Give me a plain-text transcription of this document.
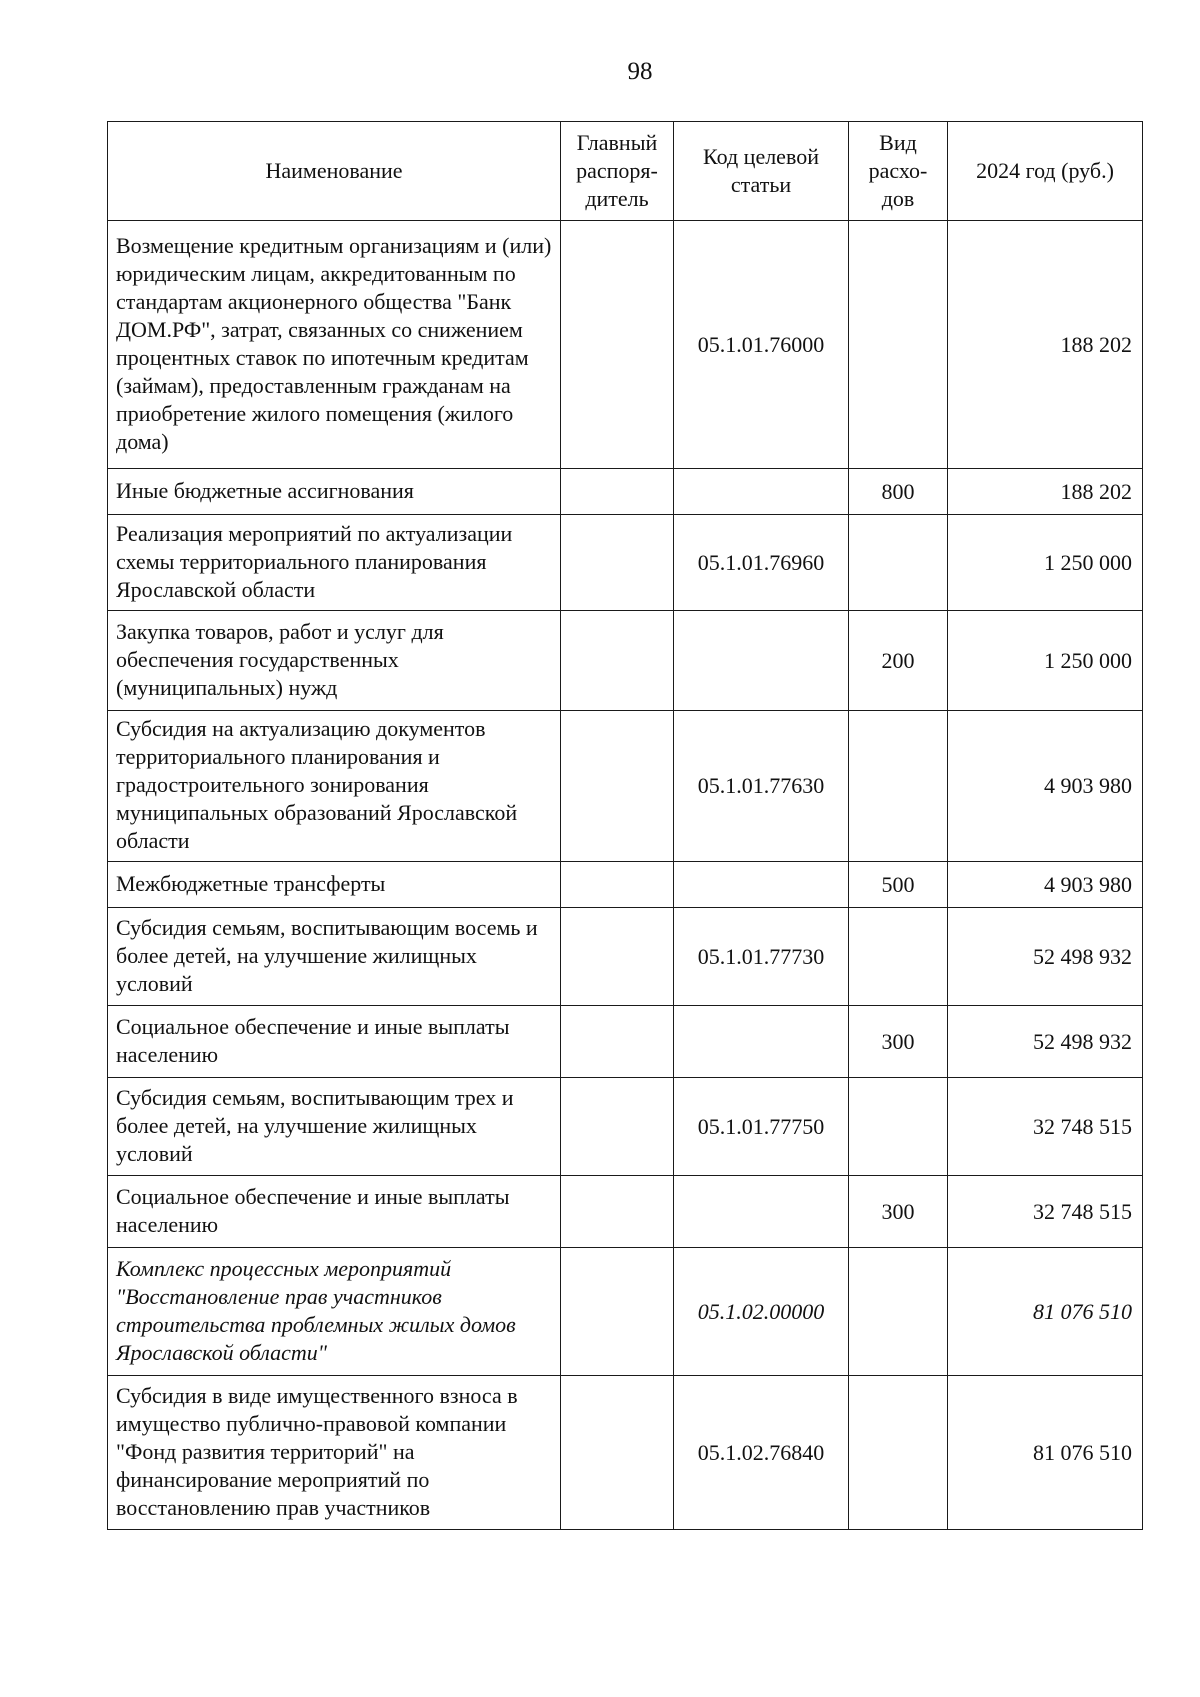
98
Наименование	Главный распоря-дитель	Код целевой статьи	Вид расхо-дов	2024 год (руб.)
Возмещение кредитным организациям и (или) юридическим лицам, аккредитованным по стандартам акционерного общества "Банк ДОМ.РФ", затрат, связанных со снижением процентных ставок по ипотечным кредитам (займам), предоставленным гражданам на приобретение жилого помещения (жилого дома)		05.1.01.76000		188 202
Иные бюджетные ассигнования			800	188 202
Реализация мероприятий по актуализации схемы территориального планирования Ярославской области		05.1.01.76960		1 250 000
Закупка товаров, работ и услуг для обеспечения государственных (муниципальных) нужд			200	1 250 000
Субсидия на актуализацию документов территориального планирования и градостроительного зонирования муниципальных образований Ярославской области		05.1.01.77630		4 903 980
Межбюджетные трансферты			500	4 903 980
Субсидия семьям, воспитывающим восемь и более детей, на улучшение жилищных условий		05.1.01.77730		52 498 932
Социальное обеспечение и иные выплаты населению			300	52 498 932
Субсидия семьям, воспитывающим трех и более детей, на улучшение жилищных условий		05.1.01.77750		32 748 515
Социальное обеспечение и иные выплаты населению			300	32 748 515
Комплекс процессных мероприятий "Восстановление прав участников строительства проблемных жилых домов Ярославской области"		05.1.02.00000		81 076 510
Субсидия в виде имущественного взноса в имущество публично-правовой компании "Фонд развития территорий" на финансирование мероприятий по восстановлению прав участников		05.1.02.76840		81 076 510
